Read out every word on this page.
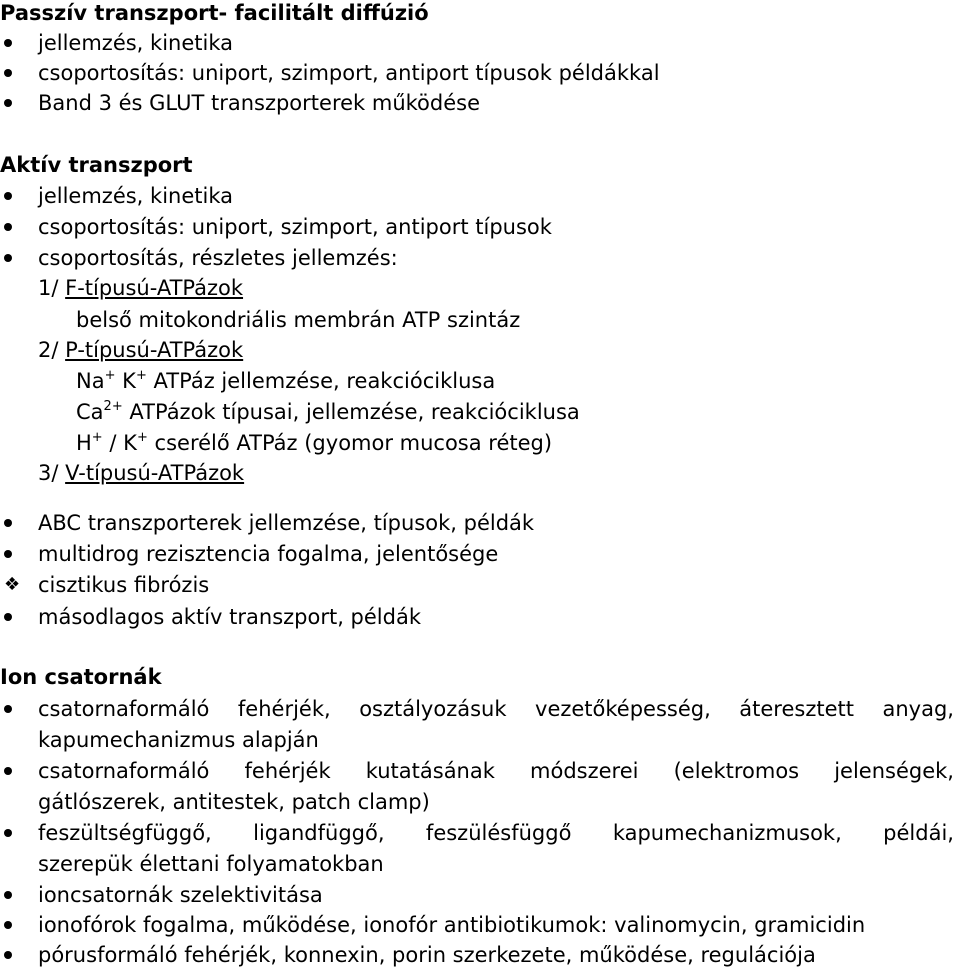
Passzív transzport- facilitált diffúzió
jellemzés, kinetika
csoportosítás: uniport, szimport, antiport típusok példákkal
Band 3 és GLUT transzporterek működése
Aktív transzport
jellemzés, kinetika
csoportosítás: uniport, szimport, antiport típusok
csoportosítás, részletes jellemzés:
1/ F-típusú-ATPázok
belső mitokondriális membrán ATP szintáz
2/ P-típusú-ATPázok
Na+ K+ ATPáz jellemzése, reakcióciklusa
$Ca^{2+}$ ATPázok típusai, jellemzése, reakcióciklusa
H+ / K+ cserélő ATPáz (gyomor mucosa réteg)
3/ V-típusú-ATPázok
ABC transzporterek jellemzése, típusok, példák
multidrog rezisztencia fogalma, jelentősége
❖ cisztikus fibrózis
másodlagos aktív transzport, példák
Ion csatornák
csatornaformáló fehérjék, osztályozásuk vezetőképesség, áteresztett anyag,
kapumechanizmus alapján
csatornaformáló fehérjék kutatásának módszerei (elektromos jelenségek,
gátlószerek, antitestek, patch clamp)
feszültségfüggő, ligandfüggő, feszülésfüggő kapumechanizmusok, példái,
szerepük élettani folyamatokban
ioncsatornák szelektivitása
ionofórok fogalma, működése, ionofór antibiotikumok: valinomycin, gramicidin
pórusformáló fehérjék, konnexin, porin szerkezete, működése, regulációja
